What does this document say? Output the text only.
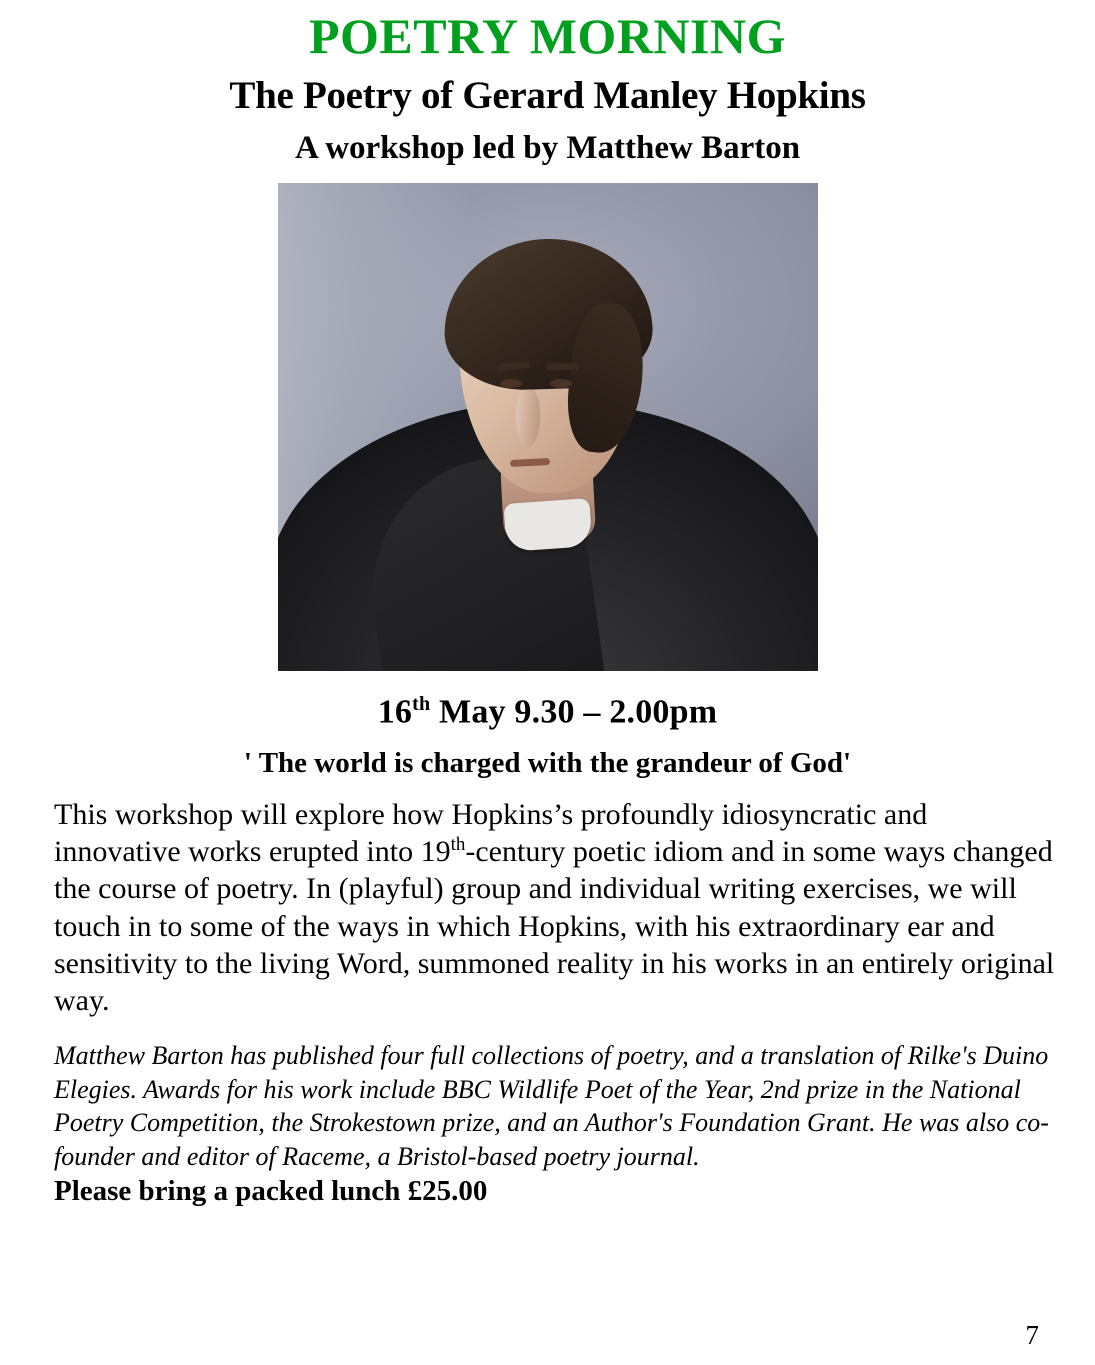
POETRY MORNING
The Poetry of Gerard Manley Hopkins
A workshop led by Matthew Barton
16th May 9.30 – 2.00pm
' The world is charged with the grandeur of God'
This workshop will explore how Hopkins’s profoundly idiosyncratic and innovative works erupted into 19th-century poetic idiom and in some ways changed the course of poetry. In (playful) group and individual writing exercises, we will touch in to some of the ways in which Hopkins, with his extraordinary ear and sensitivity to the living Word, summoned reality in his works in an entirely original way.
Matthew Barton has published four full collections of poetry, and a translation of Rilke's Duino Elegies. Awards for his work include BBC Wildlife Poet of the Year, 2nd prize in the National Poetry Competition, the Strokestown prize, and an Author's Foundation Grant. He was also co-founder and editor of Raceme, a Bristol-based poetry journal. Please bring a packed lunch £25.00
7
